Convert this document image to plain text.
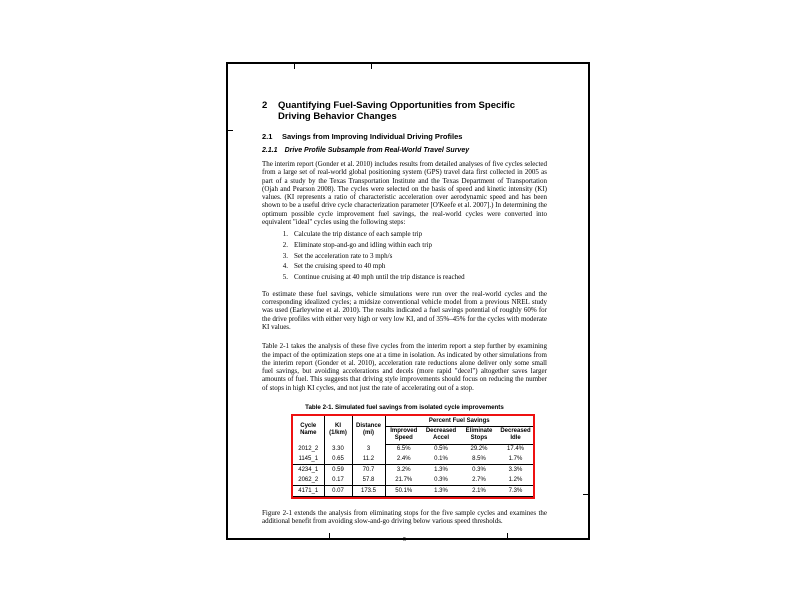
2	Quantifying Fuel-Saving Opportunities from Specific Driving Behavior Changes
2.1 Savings from Improving Individual Driving Profiles
2.1.1 Drive Profile Subsample from Real-World Travel Survey

The interim report (Gonder et al. 2010) includes results from detailed analyses of five cycles selected from a large set of real-world global positioning system (GPS) travel data first collected in 2005 as part of a study by the Texas Transportation Institute and the Texas Department of Transportation (Ojah and Pearson 2008). The cycles were selected on the basis of speed and kinetic intensity (KI) values. (KI represents a ratio of characteristic acceleration over aerodynamic speed and has been shown to be a useful drive cycle characterization parameter [O'Keefe et al. 2007].) In determining the optimum possible cycle improvement fuel savings, the real-world cycles were converted into equivalent "ideal" cycles using the following steps:

1. Calculate the trip distance of each sample trip
2. Eliminate stop-and-go and idling within each trip
3. Set the acceleration rate to 3 mph/s
4. Set the cruising speed to 40 mph
5. Continue cruising at 40 mph until the trip distance is reached

To estimate these fuel savings, vehicle simulations were run over the real-world cycles and the corresponding idealized cycles; a midsize conventional vehicle model from a previous NREL study was used (Earleywine et al. 2010). The results indicated a fuel savings potential of roughly 60% for the drive profiles with either very high or very low KI, and of 35%–45% for the cycles with moderate KI values.

Table 2-1 takes the analysis of these five cycles from the interim report a step further by examining the impact of the optimization steps one at a time in isolation. As indicated by other simulations from the interim report (Gonder et al. 2010), acceleration rate reductions alone deliver only some small fuel savings, but avoiding accelerations and decels (more rapid "decel") altogether saves larger amounts of fuel. This suggests that driving style improvements should focus on reducing the number of stops in high KI cycles, and not just the rate of accelerating out of a stop.

Table 2-1. Simulated fuel savings from isolated cycle improvements
Cycle Name	KI (1/km)	Distance (mi)	Percent Fuel Savings			
			Improved Speed	Decreased Accel	Eliminate Stops	Decreased Idle
2012_2	3.30	3	6.5%	0.5%	29.2%	17.4%
1145_1	0.65	11.2	2.4%	0.1%	8.5%	1.7%
4234_1	0.59	70.7	3.2%	1.3%	0.3%	3.3%
2062_2	0.17	57.8	21.7%	0.3%	2.7%	1.2%
4171_1	0.07	173.5	50.1%	1.3%	2.1%	7.3%

Figure 2-1 extends the analysis from eliminating stops for the five sample cycles and examines the additional benefit from avoiding slow-and-go driving below various speed thresholds.

5
